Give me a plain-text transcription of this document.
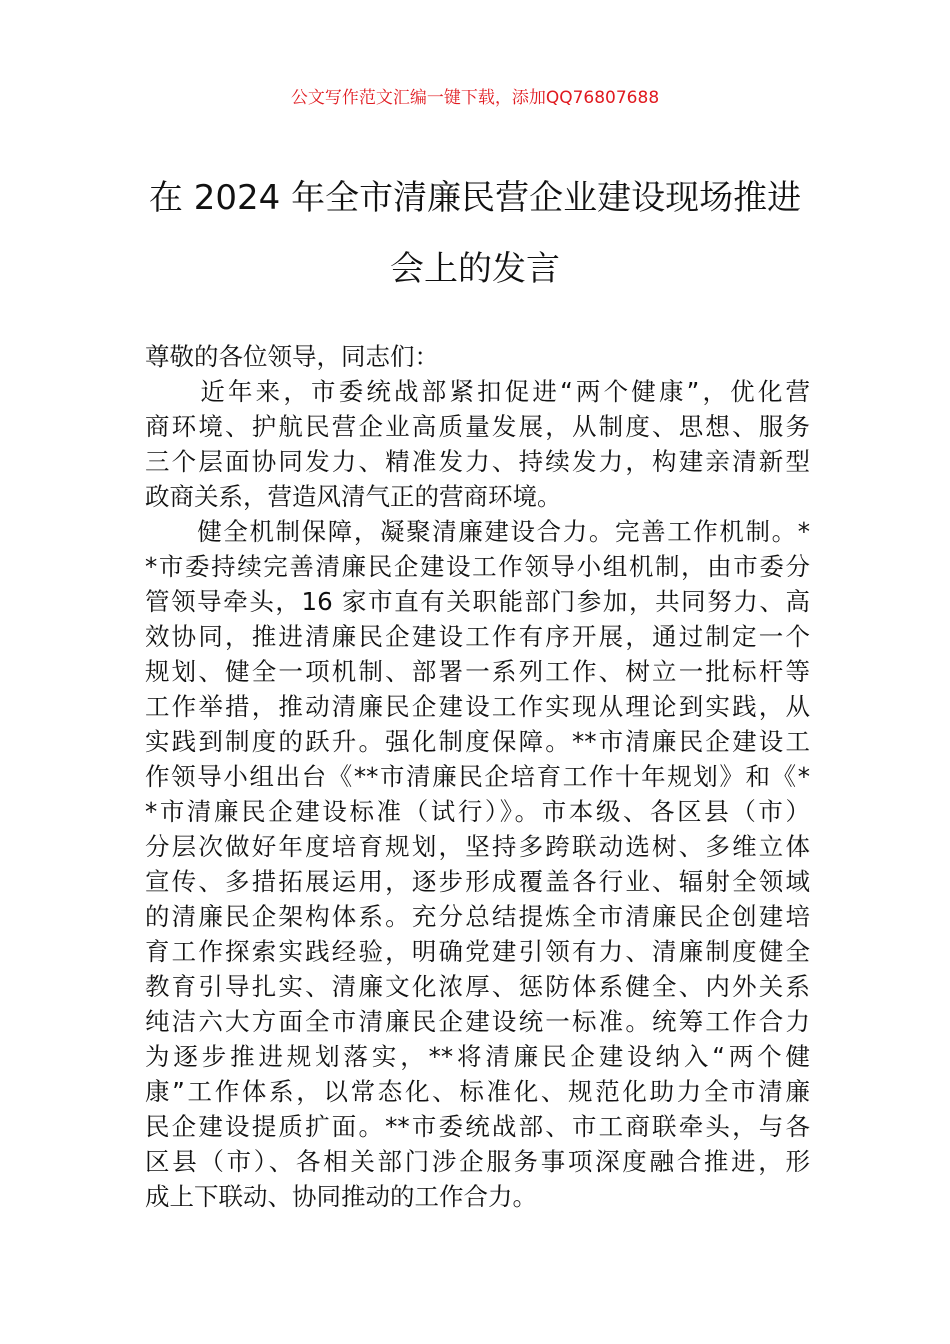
公文写作范文汇编一键下载，添加QQ76807688
在 2024 年全市清廉民营企业建设现场推进
会上的发言
尊敬的各位领导，同志们：
　　近年来，市委统战部紧扣促进“两个健康”，优化营
商环境、护航民营企业高质量发展，从制度、思想、服务
三个层面协同发力、精准发力、持续发力，构建亲清新型
政商关系，营造风清气正的营商环境。
　　健全机制保障，凝聚清廉建设合力。完善工作机制。*
*市委持续完善清廉民企建设工作领导小组机制，由市委分
管领导牵头，16 家市直有关职能部门参加，共同努力、高
效协同，推进清廉民企建设工作有序开展，通过制定一个
规划、健全一项机制、部署一系列工作、树立一批标杆等
工作举措，推动清廉民企建设工作实现从理论到实践，从
实践到制度的跃升。强化制度保障。**市清廉民企建设工
作领导小组出台《**市清廉民企培育工作十年规划》和《*
*市清廉民企建设标准（试行）》。市本级、各区县（市）
分层次做好年度培育规划，坚持多跨联动选树、多维立体
宣传、多措拓展运用，逐步形成覆盖各行业、辐射全领域
的清廉民企架构体系。充分总结提炼全市清廉民企创建培
育工作探索实践经验，明确党建引领有力、清廉制度健全
教育引导扎实、清廉文化浓厚、惩防体系健全、内外关系
纯洁六大方面全市清廉民企建设统一标准。统筹工作合力
为逐步推进规划落实，**将清廉民企建设纳入“两个健
康”工作体系，以常态化、标准化、规范化助力全市清廉
民企建设提质扩面。**市委统战部、市工商联牵头，与各
区县（市）、各相关部门涉企服务事项深度融合推进，形
成上下联动、协同推动的工作合力。
